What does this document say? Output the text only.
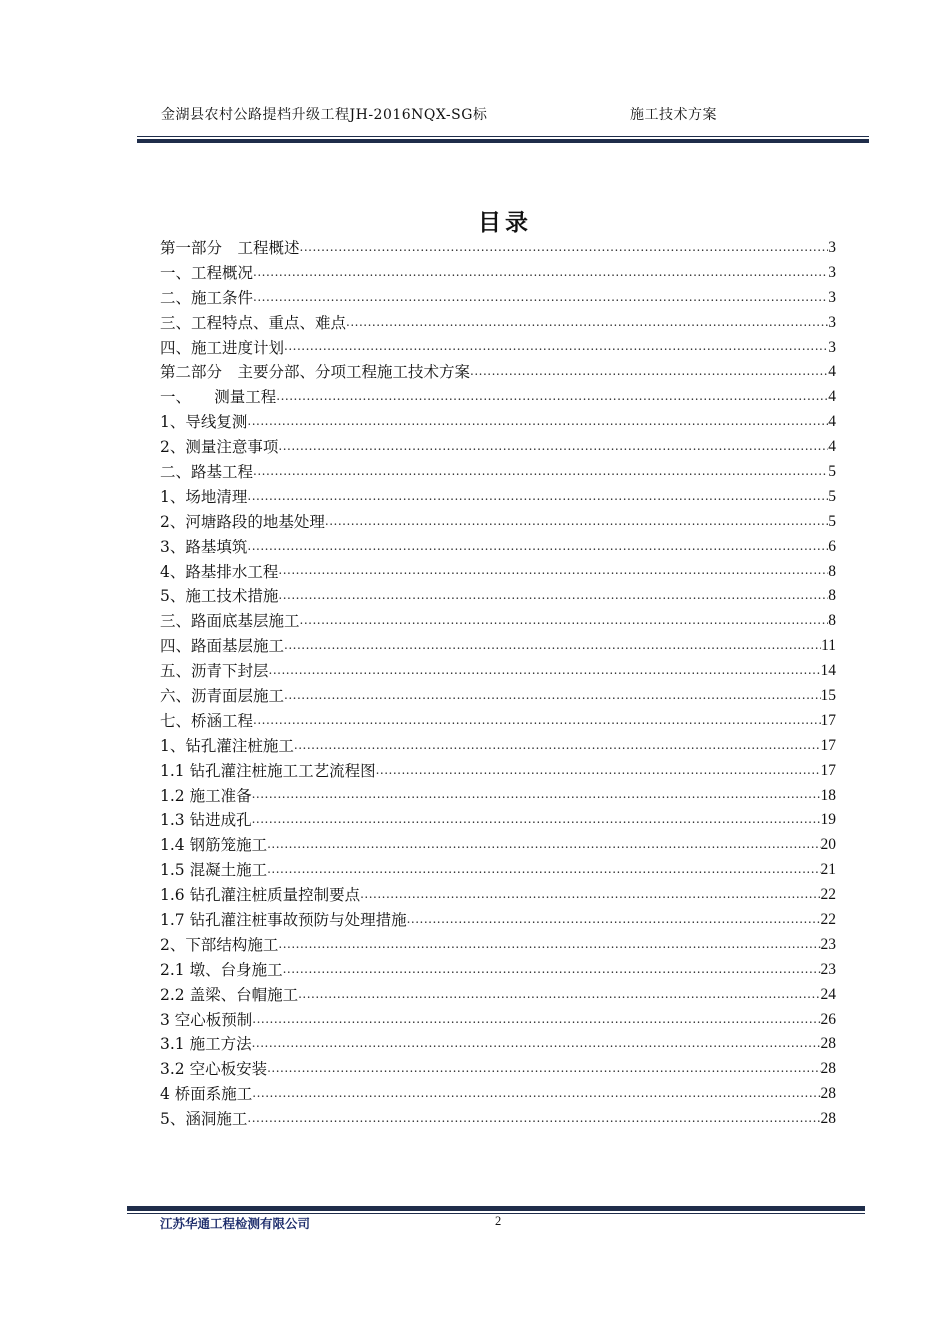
金湖县农村公路提档升级工程JH-2016NQX-SG标	施工技术方案
目录
第一部分　工程概述 .....	3
一、工程概况 .....	3
二、施工条件 .....	3
三、工程特点、重点、难点 .....	3
四、施工进度计划 .....	3
第二部分　主要分部、分项工程施工技术方案 .....	4
一、　　测量工程 .....	4
1、导线复测 .....	4
2、测量注意事项 .....	4
二、路基工程 .....	5
1、场地清理 .....	5
2、河塘路段的地基处理 .....	5
3、路基填筑 .....	6
4、路基排水工程 .....	8
5、施工技术措施 .....	8
三、路面底基层施工 .....	8
四、路面基层施工 .....	11
五、沥青下封层 .....	14
六、沥青面层施工 .....	15
七、桥涵工程 .....	17
1、钻孔灌注桩施工 .....	17
1.1 钻孔灌注桩施工工艺流程图 .....	17
1.2 施工准备 .....	18
1.3 钻进成孔 .....	19
1.4 钢筋笼施工 .....	20
1.5 混凝土施工 .....	21
1.6 钻孔灌注桩质量控制要点 .....	22
1.7 钻孔灌注桩事故预防与处理措施 .....	22
2、下部结构施工 .....	23
2.1 墩、台身施工 .....	23
2.2 盖梁、台帽施工 .....	24
3 空心板预制 .....	26
3.1 施工方法 .....	28
3.2 空心板安装 .....	28
4 桥面系施工 .....	28
5、涵洞施工 .....	28
江苏华通工程检测有限公司	2
